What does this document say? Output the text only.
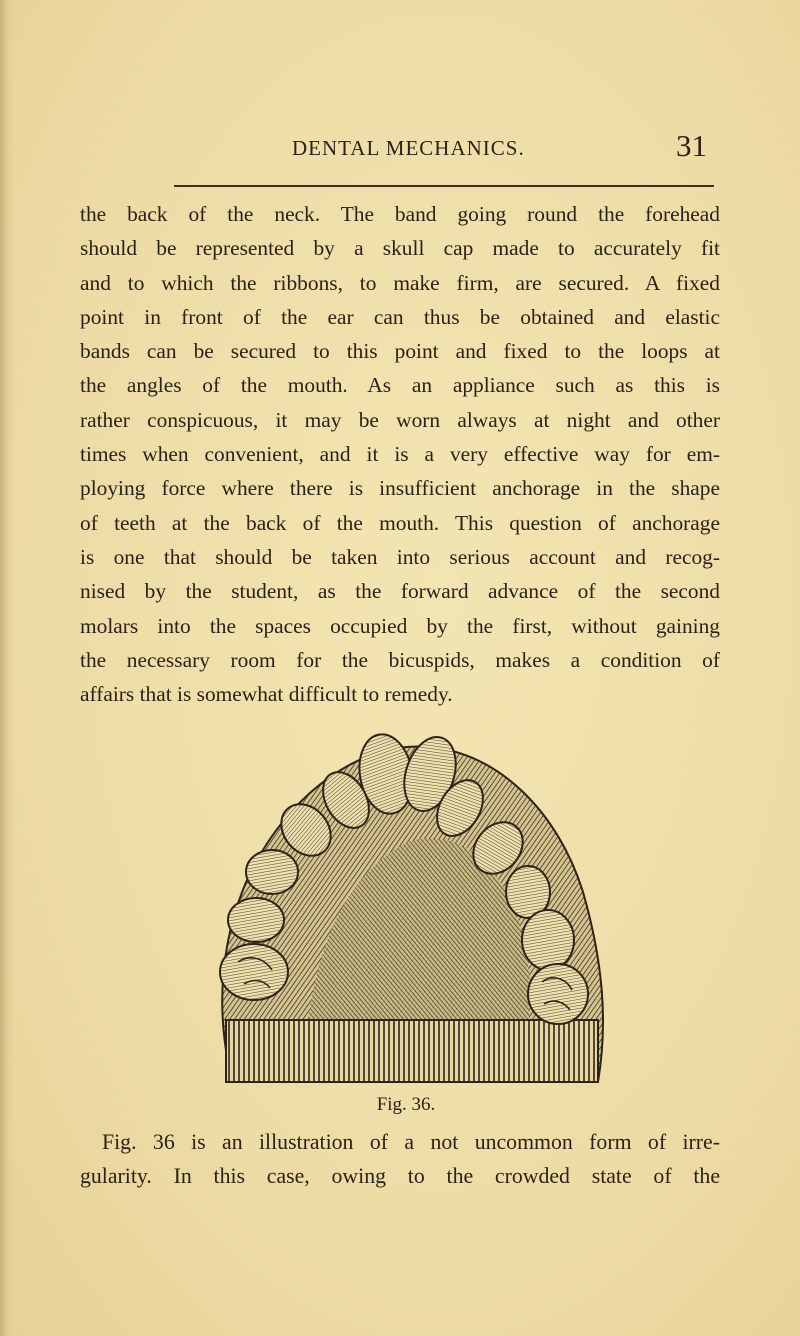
DENTAL MECHANICS.	31
the back of the neck. The band going round the forehead
should be represented by a skull cap made to accurately fit
and to which the ribbons, to make firm, are secured. A fixed
point in front of the ear can thus be obtained and elastic
bands can be secured to this point and fixed to the loops at
the angles of the mouth. As an appliance such as this is
rather conspicuous, it may be worn always at night and other
times when convenient, and it is a very effective way for em-
ploying force where there is insufficient anchorage in the shape
of teeth at the back of the mouth. This question of anchorage
is one that should be taken into serious account and recog-
nised by the student, as the forward advance of the second
molars into the spaces occupied by the first, without gaining
the necessary room for the bicuspids, makes a condition of
affairs that is somewhat difficult to remedy.
Fig. 36.
Fig. 36 is an illustration of a not uncommon form of irre-
gularity. In this case, owing to the crowded state of the
